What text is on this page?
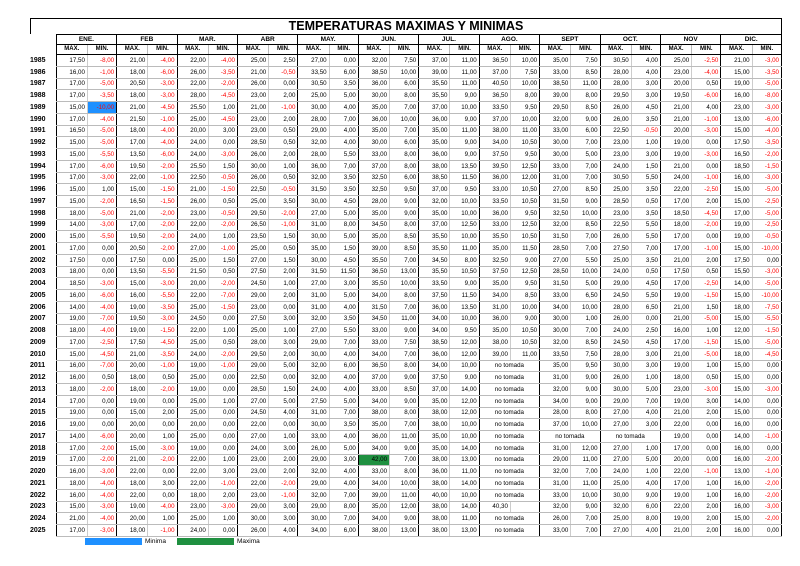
TEMPERATURAS MAXIMAS Y MINIMAS
	ENE.		FEB		MAR.		ABR		MAY.		JUN.		JUL.		AGO.		SEPT		OCT.		NOV		DIC.	
	MAX.	MIN.	MAX.	MIN.	MAX.	MIN.	MAX.	MIN.	MAX.	MIN.	MAX.	MIN.	MAX.	MIN.	MAX.	MIN.	MAX.	MIN.	MAX.	MIN.	MAX.	MIN.	MAX.	MIN.
1985	17,50	-8,00	21,00	-4,00	22,00	-4,00	25,00	2,50	27,00	0,00	32,00	7,50	37,00	11,00	36,50	10,00	35,00	7,50	30,50	4,00	25,00	-2,50	21,00	-3,00
1986	16,00	-1,00	18,00	-6,00	26,00	-3,50	21,00	-0,50	33,50	6,00	38,50	10,00	39,00	11,00	37,00	7,50	33,00	8,50	28,00	4,00	23,00	-4,00	15,00	-3,50
1987	17,00	-5,00	20,50	-3,00	22,00	-2,00	26,00	0,00	30,50	3,50	36,00	6,00	35,50	11,00	40,50	10,00	38,50	11,00	28,00	3,00	20,00	0,50	19,00	-5,00
1988	17,00	-3,50	18,00	-3,00	28,00	-4,50	23,00	2,00	25,00	5,00	30,00	8,00	35,50	9,00	36,50	8,00	39,00	8,00	29,50	3,00	19,50	-6,00	16,00	-8,00
1989	15,00	-10,00	21,00	-4,50	25,50	1,00	21,00	-1,00	30,00	4,00	35,00	7,00	37,00	10,00	33,50	9,50	29,50	8,50	26,00	4,50	21,00	4,00	23,00	-3,00
1990	17,00	-4,00	21,50	-1,00	25,00	-4,50	23,00	2,00	28,00	7,00	36,00	10,00	36,00	9,00	37,00	10,00	32,00	9,00	26,00	3,50	21,00	-1,00	13,00	-6,00
1991	16,50	-5,00	18,00	-4,00	20,00	3,00	23,00	0,50	29,00	4,00	35,00	7,00	35,00	11,00	38,00	11,00	33,00	6,00	22,50	-0,50	20,00	-3,00	15,00	-4,00
1992	15,00	-5,00	17,00	-4,00	24,00	0,00	28,50	0,50	32,00	4,00	30,00	6,00	35,00	9,00	34,00	10,50	30,00	7,00	23,00	1,00	19,00	0,00	17,50	-3,50
1993	15,00	-5,50	13,50	-6,00	24,00	-3,00	26,00	2,00	28,00	5,50	33,00	8,00	36,00	9,00	37,50	9,50	30,00	5,00	23,00	3,00	19,00	-3,00	16,50	-2,00
1994	17,00	-6,00	19,50	-2,00	25,50	1,50	30,00	1,00	36,00	7,00	37,00	8,00	38,00	13,50	39,50	12,50	33,00	7,00	24,00	1,50	21,00	0,00	18,50	-1,50
1995	17,00	-3,00	22,00	-1,00	22,50	-0,50	26,00	0,50	32,00	3,50	32,50	6,00	38,50	11,50	36,00	12,00	31,00	7,00	30,50	5,50	24,00	-1,00	16,00	-3,00
1996	15,00	1,00	15,00	-1,50	21,00	-1,50	22,50	-0,50	31,50	3,50	32,50	9,50	37,00	9,50	33,00	10,50	27,00	8,50	25,00	3,50	22,00	-2,50	15,00	-5,00
1997	15,00	-2,00	16,50	-1,50	26,00	0,50	25,00	3,50	30,00	4,50	28,00	9,00	32,00	10,00	33,50	10,50	31,50	9,00	28,50	0,50	17,00	2,00	15,00	-2,50
1998	18,00	-5,00	21,00	-2,00	23,00	-0,50	29,50	-2,00	27,00	5,00	35,00	9,00	35,00	10,00	36,00	9,50	32,50	10,00	23,00	3,50	18,50	-4,50	17,00	-5,00
1999	14,00	-3,00	17,00	-2,00	22,00	-2,00	26,50	-1,00	31,00	8,00	34,50	8,00	37,00	12,50	33,00	12,50	32,00	8,50	22,50	5,50	18,00	-2,00	19,00	-2,50
2000	15,00	-5,50	19,50	-2,00	24,00	1,00	23,50	1,50	30,00	5,00	35,00	8,50	35,50	10,00	35,50	10,50	31,50	7,00	26,00	5,50	17,00	0,00	19,00	-0,50
2001	17,00	0,00	20,50	-2,00	27,00	-1,00	25,00	0,50	35,00	1,50	39,00	8,50	35,50	11,00	35,00	11,50	28,50	7,00	27,50	7,00	17,00	-1,00	15,00	-10,00
2002	17,50	0,00	17,50	0,00	25,00	1,50	27,00	1,50	30,00	4,50	35,50	7,00	34,50	8,00	32,50	9,00	27,00	5,50	25,00	3,50	21,00	2,00	17,50	0,00
2003	18,00	0,00	13,50	-5,50	21,50	0,50	27,50	2,00	31,50	11,50	36,50	13,00	35,50	10,50	37,50	12,50	28,50	10,00	24,00	0,50	17,50	0,50	15,50	-3,00
2004	18,50	-3,00	15,00	-3,00	20,00	-2,00	24,50	1,00	27,00	3,00	35,50	10,00	33,50	9,00	35,00	9,50	31,50	5,00	29,00	4,50	17,00	-2,50	14,00	-5,00
2005	16,00	-6,00	16,00	-5,50	22,00	-7,00	29,00	2,00	31,00	5,00	34,00	8,00	37,50	11,50	34,00	8,50	33,00	6,50	24,50	5,50	19,00	-1,50	15,00	-10,00
2006	14,00	-4,00	19,00	-3,50	25,00	-1,50	23,00	0,00	31,00	4,00	31,50	7,00	36,00	13,50	31,00	10,00	34,00	10,00	28,00	6,50	21,00	1,50	18,00	-7,50
2007	19,00	-7,00	19,50	-3,00	24,50	0,00	27,50	3,00	32,00	3,50	34,50	11,00	34,00	10,00	36,00	9,00	30,00	1,00	26,00	0,00	21,00	-5,00	15,00	-5,50
2008	18,00	-4,00	19,00	-1,50	22,00	1,00	25,00	1,00	27,00	5,50	33,00	9,00	34,00	9,50	35,00	10,50	30,00	7,00	24,00	2,50	16,00	1,00	12,00	-1,50
2009	17,00	-2,50	17,50	-4,50	25,00	0,50	28,00	3,00	29,00	7,00	33,00	7,50	38,50	12,00	38,00	10,50	32,00	8,50	24,50	4,50	17,00	-1,50	15,00	-5,00
2010	15,00	-4,50	21,00	-3,50	24,00	-2,00	29,50	2,00	30,00	4,00	34,00	7,00	36,00	12,00	39,00	11,00	33,50	7,50	28,00	3,00	21,00	-5,00	18,00	-4,50
2011	16,00	-7,00	20,00	-1,00	19,00	-1,00	29,00	5,00	32,00	6,00	36,50	8,00	34,00	10,00	no tomada		35,00	9,50	30,00	3,00	19,00	1,00	15,00	0,00
2012	16,00	0,50	18,00	0,50	25,00	0,00	22,50	0,00	32,00	4,00	37,00	9,00	37,50	9,00	no tomada		31,00	9,00	26,00	1,00	18,00	0,50	15,00	0,00
2013	18,00	-2,00	18,00	-2,00	19,00	0,00	28,50	1,50	24,00	4,00	33,00	8,50	37,00	14,00	no tomada		32,00	9,00	30,00	5,00	23,00	-3,00	15,00	-3,00
2014	17,00	0,00	19,00	0,00	25,00	1,00	27,00	5,00	27,50	5,00	34,00	9,00	35,00	12,00	no tomada		34,00	9,00	29,00	7,00	19,00	3,00	14,00	0,00
2015	19,00	0,00	15,00	2,00	25,00	0,00	24,50	4,00	31,00	7,00	38,00	8,00	38,00	12,00	no tomada		28,00	8,00	27,00	4,00	21,00	2,00	15,00	0,00
2016	19,00	0,00	20,00	0,00	20,00	0,00	22,00	0,00	30,00	3,50	35,00	7,00	38,00	10,00	no tomada		37,00	10,00	27,00	3,00	22,00	0,00	16,00	0,00
2017	14,00	-6,00	20,00	1,00	25,00	0,00	27,00	1,00	33,00	4,00	36,00	11,00	35,00	10,00	no tomada		no tomada		no tomada		19,00	0,00	14,00	-1,00
2018	17,00	-2,00	15,00	-3,00	19,00	0,00	24,00	3,00	26,00	5,00	34,00	9,00	35,00	14,00	no tomada		31,00	12,00	27,00	1,00	17,00	0,00	16,00	0,00
2019	17,00	-2,00	21,00	-2,00	22,00	1,00	23,00	2,00	29,00	3,00	42,00	7,00	38,00	13,00	no tomada		29,00	11,00	27,00	5,00	20,00	0,00	16,00	-2,00
2020	16,00	-3,00	22,00	0,00	22,00	3,00	23,00	2,00	32,00	4,00	33,00	8,00	36,00	11,00	no tomada		32,00	7,00	24,00	1,00	22,00	-1,00	13,00	-1,00
2021	18,00	-4,00	18,00	3,00	22,00	-1,00	22,00	-2,00	29,00	4,00	34,00	10,00	38,00	14,00	no tomada		31,00	11,00	25,00	4,00	17,00	1,00	16,00	-2,00
2022	16,00	-4,00	22,00	0,00	18,00	2,00	23,00	-1,00	32,00	7,00	39,00	11,00	40,00	10,00	no tomada		33,00	10,00	30,00	9,00	19,00	1,00	16,00	-2,00
2023	15,00	-3,00	19,00	-4,00	23,00	-3,00	29,00	3,00	29,00	8,00	35,00	12,00	38,00	14,00	40,30		32,00	9,00	32,00	6,00	22,00	2,00	16,00	-3,00
2024	21,00	-4,00	20,00	1,00	25,00	1,00	30,00	3,00	30,00	7,00	34,00	9,00	38,00	11,00	no tomada		26,00	7,00	25,00	8,00	19,00	2,00	15,00	-2,00
2025	17,00	-3,00	18,00	-1,00	24,00	0,00	26,00	4,00	34,00	6,00	38,00	13,00	38,00	13,00	no tomada		33,00	7,00	27,00	4,00	21,00	2,00	16,00	0,00
Minima	Maxima
